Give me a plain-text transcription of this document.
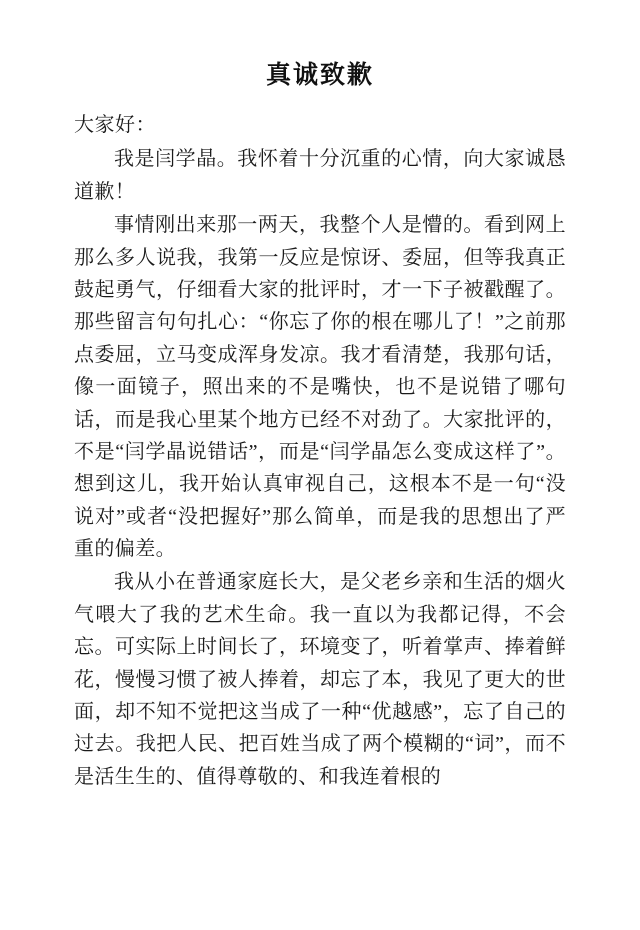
真诚致歉

大家好：

我是闫学晶。我怀着十分沉重的心情，向大家诚恳道歉！

事情刚出来那一两天，我整个人是懵的。看到网上那么多人说我，我第一反应是惊讶、委屈，但等我真正鼓起勇气，仔细看大家的批评时，才一下子被戳醒了。那些留言句句扎心：“你忘了你的根在哪儿了！”之前那点委屈，立马变成浑身发凉。我才看清楚，我那句话，像一面镜子，照出来的不是嘴快，也不是说错了哪句话，而是我心里某个地方已经不对劲了。大家批评的，不是“闫学晶说错话”，而是“闫学晶怎么变成这样了”。想到这儿，我开始认真审视自己，这根本不是一句“没说对”或者“没把握好”那么简单，而是我的思想出了严重的偏差。

我从小在普通家庭长大，是父老乡亲和生活的烟火气喂大了我的艺术生命。我一直以为我都记得，不会忘。可实际上时间长了，环境变了，听着掌声、捧着鲜花，慢慢习惯了被人捧着，却忘了本，我见了更大的世面，却不知不觉把这当成了一种“优越感”，忘了自己的过去。我把人民、把百姓当成了两个模糊的“词”，而不是活生生的、值得尊敬的、和我连着根的
